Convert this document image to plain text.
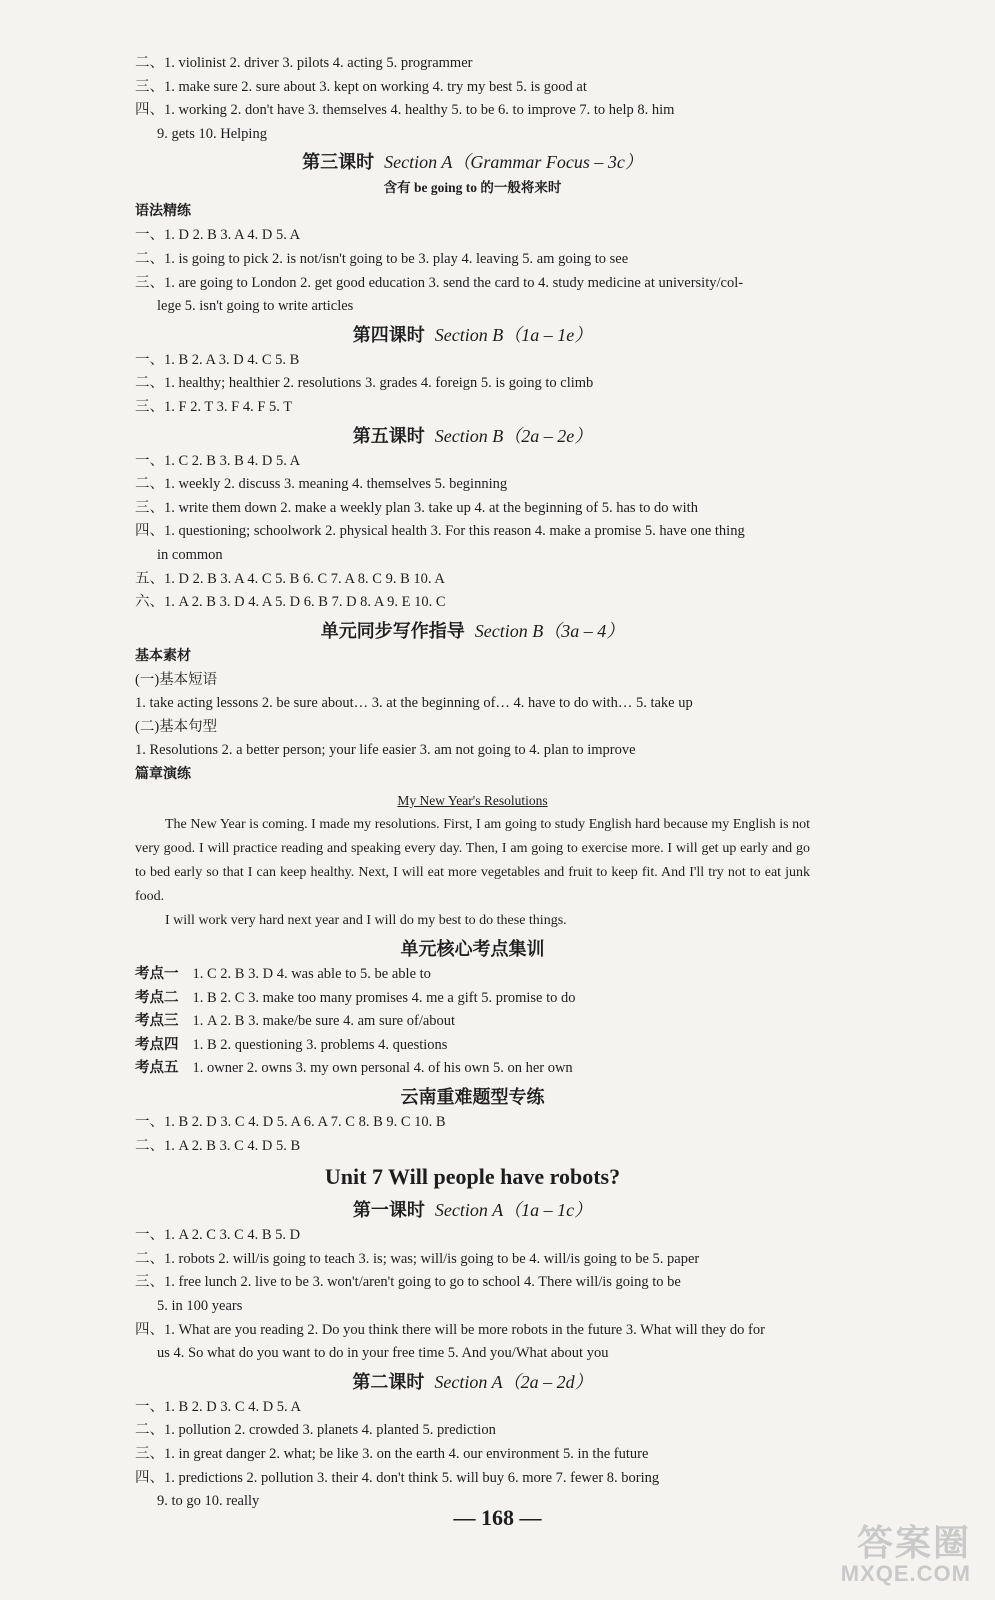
二、1. violinist 2. driver 3. pilots 4. acting 5. programmer
三、1. make sure 2. sure about 3. kept on working 4. try my best 5. is good at
四、1. working 2. don't have 3. themselves 4. healthy 5. to be 6. to improve 7. to help 8. him
9. gets 10. Helping
第三课时 Section A（Grammar Focus – 3c）
含有 be going to 的一般将来时
语法精练
一、1. D 2. B 3. A 4. D 5. A
二、1. is going to pick 2. is not/isn't going to be 3. play 4. leaving 5. am going to see
三、1. are going to London 2. get good education 3. send the card to 4. study medicine at university/col-
lege 5. isn't going to write articles
第四课时 Section B（1a – 1e）
一、1. B 2. A 3. D 4. C 5. B
二、1. healthy; healthier 2. resolutions 3. grades 4. foreign 5. is going to climb
三、1. F 2. T 3. F 4. F 5. T
第五课时 Section B（2a – 2e）
一、1. C 2. B 3. B 4. D 5. A
二、1. weekly 2. discuss 3. meaning 4. themselves 5. beginning
三、1. write them down 2. make a weekly plan 3. take up 4. at the beginning of 5. has to do with
四、1. questioning; schoolwork 2. physical health 3. For this reason 4. make a promise 5. have one thing
in common
五、1. D 2. B 3. A 4. C 5. B 6. C 7. A 8. C 9. B 10. A
六、1. A 2. B 3. D 4. A 5. D 6. B 7. D 8. A 9. E 10. C
单元同步写作指导 Section B（3a – 4）
基本素材
(一)基本短语
1. take acting lessons 2. be sure about… 3. at the beginning of… 4. have to do with… 5. take up
(二)基本句型
1. Resolutions 2. a better person; your life easier 3. am not going to 4. plan to improve
篇章演练
My New Year's Resolutions
The New Year is coming. I made my resolutions. First, I am going to study English hard because my English is not very good. I will practice reading and speaking every day. Then, I am going to exercise more. I will get up early and go to bed early so that I can keep healthy. Next, I will eat more vegetables and fruit to keep fit. And I'll try not to eat junk food.
I will work very hard next year and I will do my best to do these things.
单元核心考点集训
考点一 1. C 2. B 3. D 4. was able to 5. be able to
考点二 1. B 2. C 3. make too many promises 4. me a gift 5. promise to do
考点三 1. A 2. B 3. make/be sure 4. am sure of/about
考点四 1. B 2. questioning 3. problems 4. questions
考点五 1. owner 2. owns 3. my own personal 4. of his own 5. on her own
云南重难题型专练
一、1. B 2. D 3. C 4. D 5. A 6. A 7. C 8. B 9. C 10. B
二、1. A 2. B 3. C 4. D 5. B
Unit 7 Will people have robots?
第一课时 Section A（1a – 1c）
一、1. A 2. C 3. C 4. B 5. D
二、1. robots 2. will/is going to teach 3. is; was; will/is going to be 4. will/is going to be 5. paper
三、1. free lunch 2. live to be 3. won't/aren't going to go to school 4. There will/is going to be
5. in 100 years
四、1. What are you reading 2. Do you think there will be more robots in the future 3. What will they do for
us 4. So what do you want to do in your free time 5. And you/What about you
第二课时 Section A（2a – 2d）
一、1. B 2. D 3. C 4. D 5. A
二、1. pollution 2. crowded 3. planets 4. planted 5. prediction
三、1. in great danger 2. what; be like 3. on the earth 4. our environment 5. in the future
四、1. predictions 2. pollution 3. their 4. don't think 5. will buy 6. more 7. fewer 8. boring
9. to go 10. really
— 168 —
答案圈
MXQE.COM
